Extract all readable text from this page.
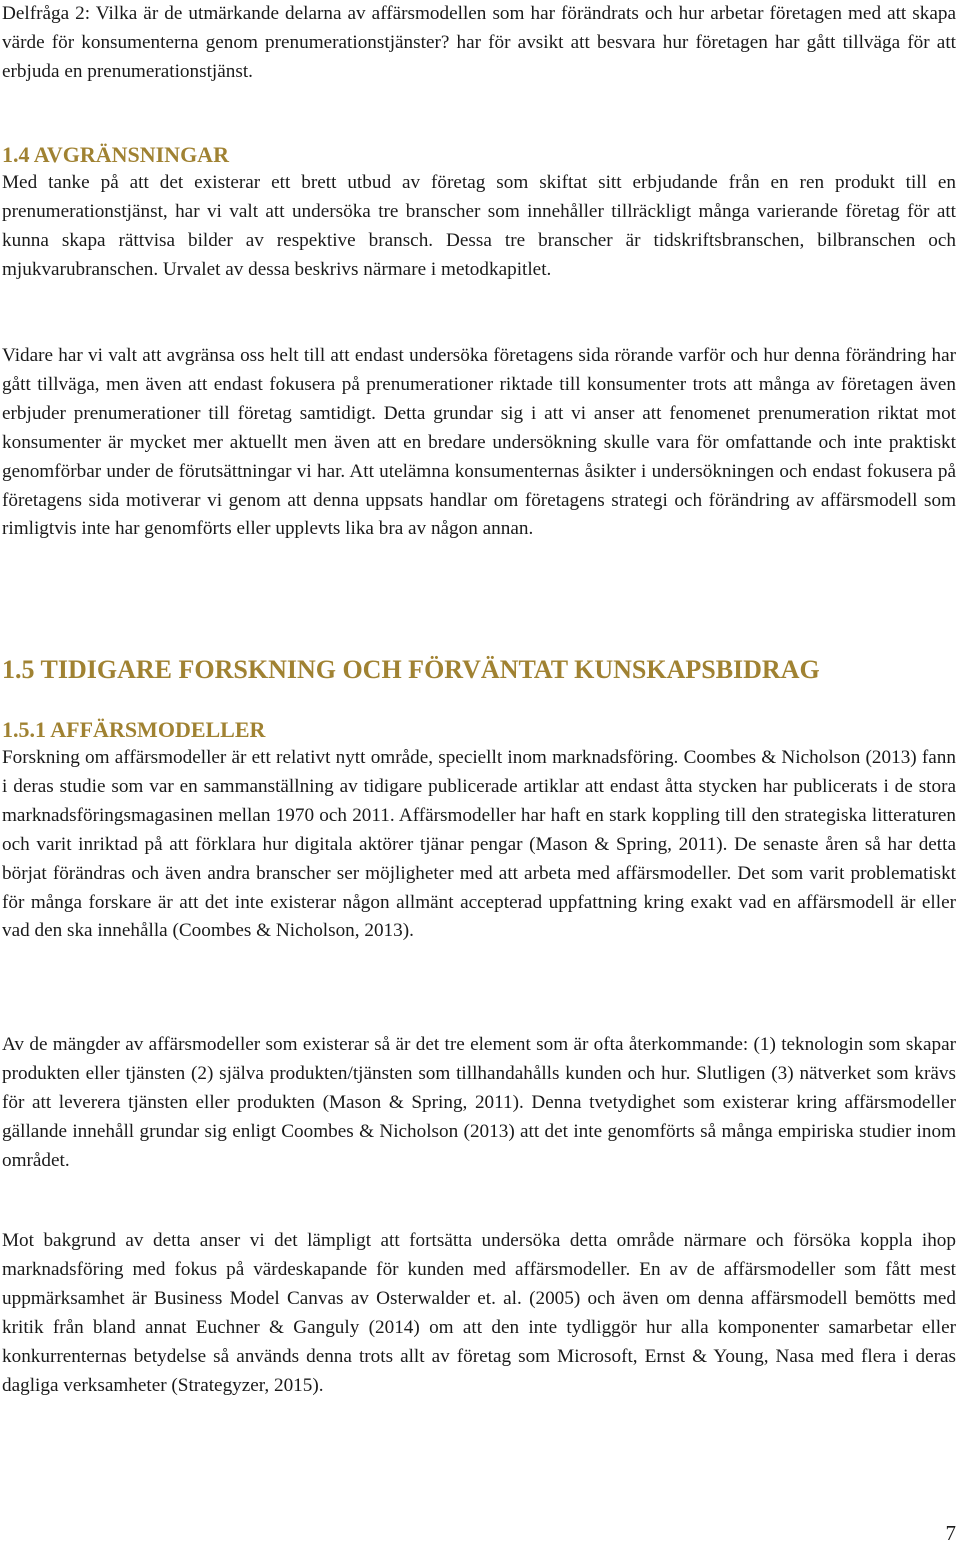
Delfråga 2: Vilka är de utmärkande delarna av affärsmodellen som har förändrats och hur arbetar företagen med att skapa värde för konsumenterna genom prenumerationstjänster? har för avsikt att besvara hur företagen har gått tillväga för att erbjuda en prenumerationstjänst.

1.4 AVGRÄNSNINGAR

Med tanke på att det existerar ett brett utbud av företag som skiftat sitt erbjudande från en ren produkt till en prenumerationstjänst, har vi valt att undersöka tre branscher som innehåller tillräckligt många varierande företag för att kunna skapa rättvisa bilder av respektive bransch. Dessa tre branscher är tidskriftsbranschen, bilbranschen och mjukvarubranschen. Urvalet av dessa beskrivs närmare i metodkapitlet.

Vidare har vi valt att avgränsa oss helt till att endast undersöka företagens sida rörande varför och hur denna förändring har gått tillväga, men även att endast fokusera på prenumerationer riktade till konsumenter trots att många av företagen även erbjuder prenumerationer till företag samtidigt. Detta grundar sig i att vi anser att fenomenet prenumeration riktat mot konsumenter är mycket mer aktuellt men även att en bredare undersökning skulle vara för omfattande och inte praktiskt genomförbar under de förutsättningar vi har. Att utelämna konsumenternas åsikter i undersökningen och endast fokusera på företagens sida motiverar vi genom att denna uppsats handlar om företagens strategi och förändring av affärsmodell som rimligtvis inte har genomförts eller upplevts lika bra av någon annan.

1.5 TIDIGARE FORSKNING OCH FÖRVÄNTAT KUNSKAPSBIDRAG
1.5.1 AFFÄRSMODELLER

Forskning om affärsmodeller är ett relativt nytt område, speciellt inom marknadsföring. Coombes & Nicholson (2013) fann i deras studie som var en sammanställning av tidigare publicerade artiklar att endast åtta stycken har publicerats i de stora marknadsföringsmagasinen mellan 1970 och 2011. Affärsmodeller har haft en stark koppling till den strategiska litteraturen och varit inriktad på att förklara hur digitala aktörer tjänar pengar (Mason & Spring, 2011). De senaste åren så har detta börjat förändras och även andra branscher ser möjligheter med att arbeta med affärsmodeller. Det som varit problematiskt för många forskare är att det inte existerar någon allmänt accepterad uppfattning kring exakt vad en affärsmodell är eller vad den ska innehålla (Coombes & Nicholson, 2013).

Av de mängder av affärsmodeller som existerar så är det tre element som är ofta återkommande: (1) teknologin som skapar produkten eller tjänsten (2) själva produkten/tjänsten som tillhandahålls kunden och hur. Slutligen (3) nätverket som krävs för att leverera tjänsten eller produkten (Mason & Spring, 2011). Denna tvetydighet som existerar kring affärsmodeller gällande innehåll grundar sig enligt Coombes & Nicholson (2013) att det inte genomförts så många empiriska studier inom området.

Mot bakgrund av detta anser vi det lämpligt att fortsätta undersöka detta område närmare och försöka koppla ihop marknadsföring med fokus på värdeskapande för kunden med affärsmodeller. En av de affärsmodeller som fått mest uppmärksamhet är Business Model Canvas av Osterwalder et. al. (2005) och även om denna affärsmodell bemötts med kritik från bland annat Euchner & Ganguly (2014) om att den inte tydliggör hur alla komponenter samarbetar eller konkurrenternas betydelse så används denna trots allt av företag som Microsoft, Ernst & Young, Nasa med flera i deras dagliga verksamheter (Strategyzer, 2015).

7
